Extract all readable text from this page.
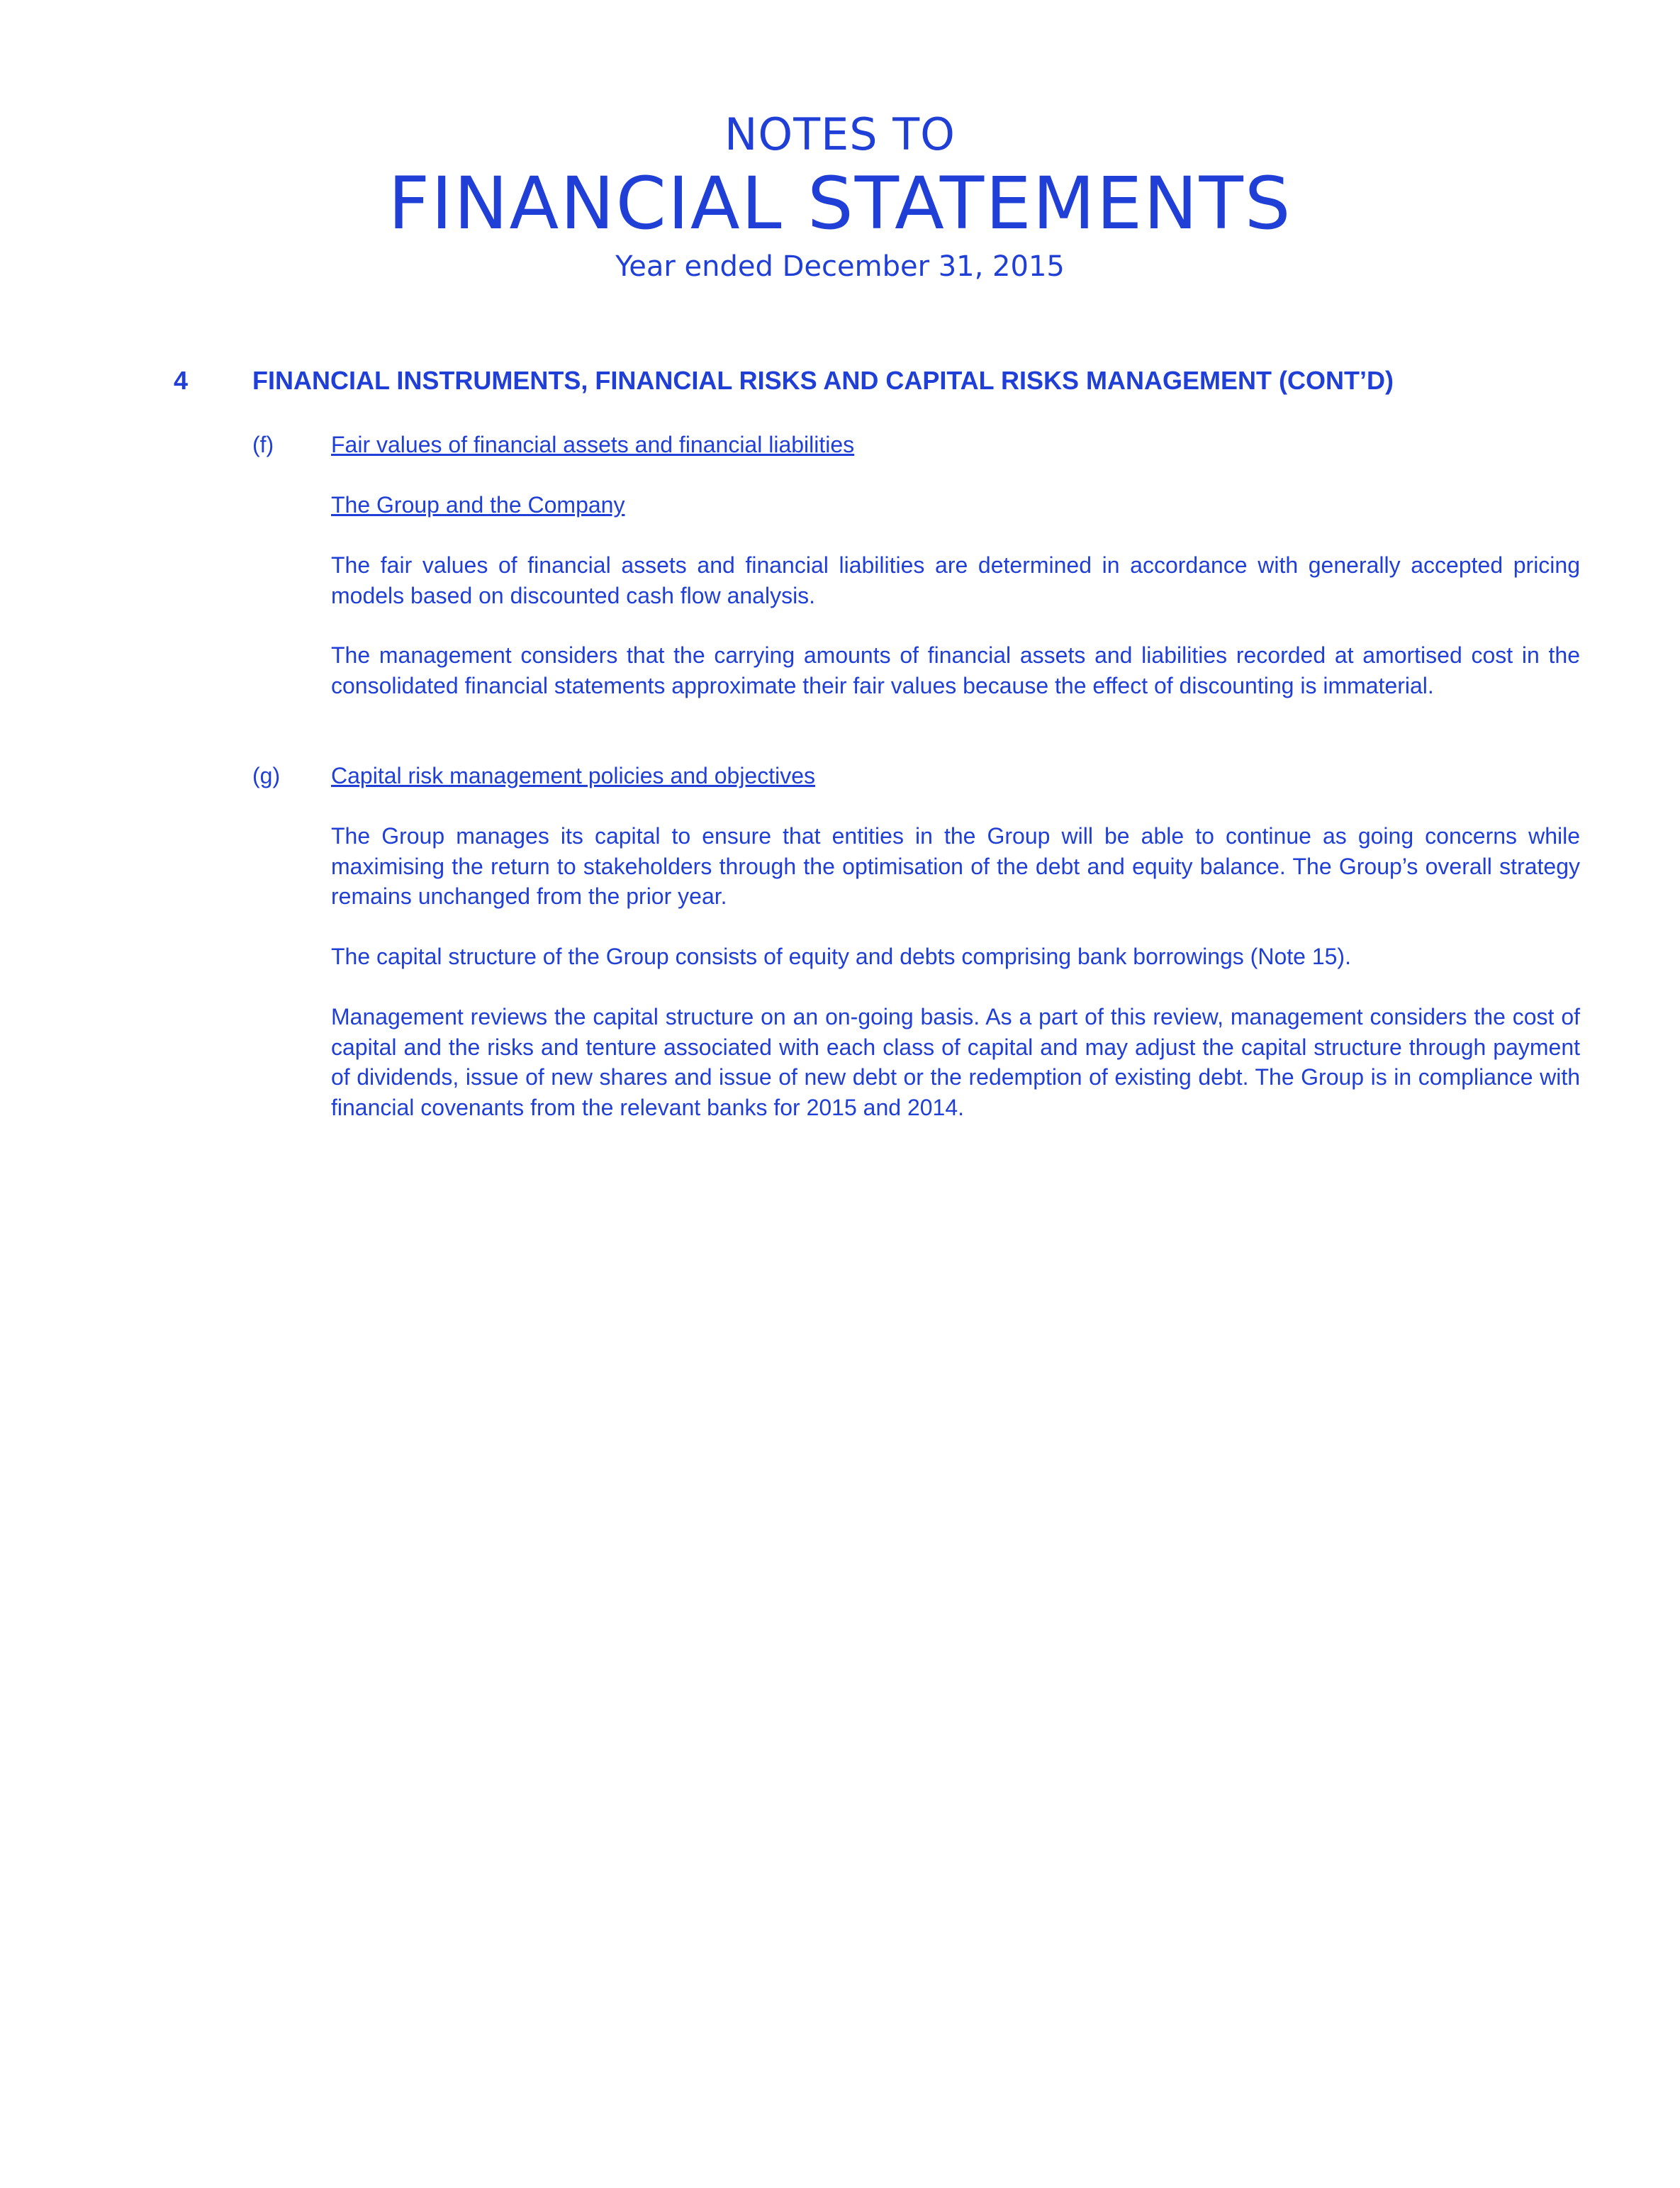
NOTES TO
FINANCIAL STATEMENTS
Year ended December 31, 2015
4	FINANCIAL INSTRUMENTS, FINANCIAL RISKS AND CAPITAL RISKS MANAGEMENT (CONT’D)
(f)	Fair values of financial assets and financial liabilities
The Group and the Company
The fair values of financial assets and financial liabilities are determined in accordance with generally accepted pricing models based on discounted cash flow analysis.
The management considers that the carrying amounts of financial assets and liabilities recorded at amortised cost in the consolidated financial statements approximate their fair values because the effect of discounting is immaterial.
(g) Capital risk management policies and objectives
The Group manages its capital to ensure that entities in the Group will be able to continue as going concerns while maximising the return to stakeholders through the optimisation of the debt and equity balance. The Group’s overall strategy remains unchanged from the prior year.
The capital structure of the Group consists of equity and debts comprising bank borrowings (Note 15).
Management reviews the capital structure on an on-going basis. As a part of this review, management considers the cost of capital and the risks and tenture associated with each class of capital and may adjust the capital structure through payment of dividends, issue of new shares and issue of new debt or the redemption of existing debt. The Group is in compliance with financial covenants from the relevant banks for 2015 and 2014.
